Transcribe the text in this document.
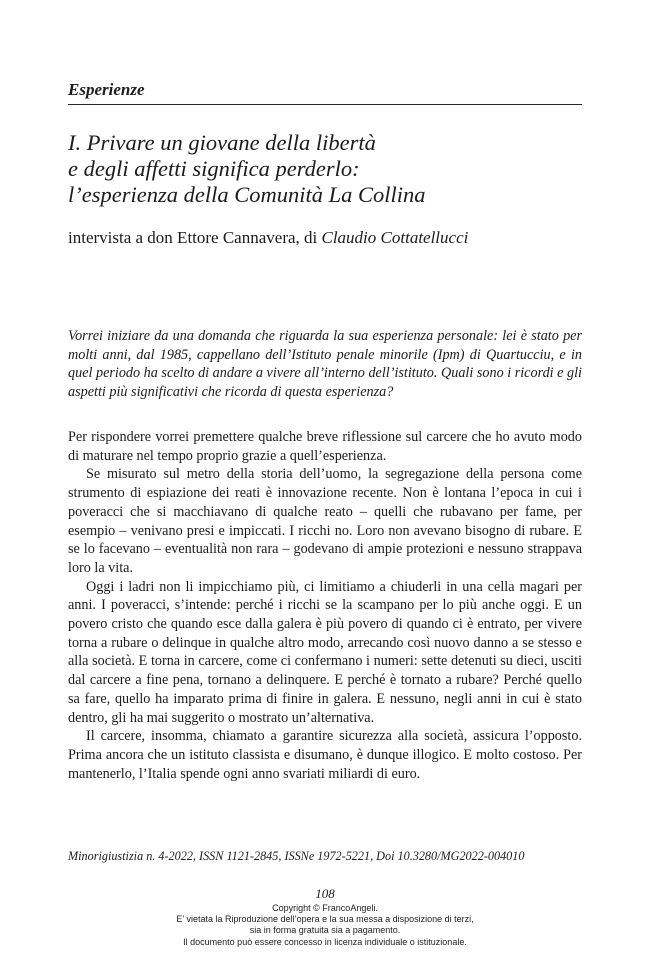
Esperienze
I. Privare un giovane della libertà
e degli affetti significa perderlo:
l’esperienza della Comunità La Collina
intervista a don Ettore Cannavera, di Claudio Cottatellucci
Vorrei iniziare da una domanda che riguarda la sua esperienza personale: lei è stato per molti anni, dal 1985, cappellano dell’Istituto penale minorile (Ipm) di Quartucciu, e in quel periodo ha scelto di andare a vivere all’interno dell’istituto. Quali sono i ricordi e gli aspetti più significativi che ricorda di questa esperienza?

Per rispondere vorrei premettere qualche breve riflessione sul carcere che ho avuto modo di maturare nel tempo proprio grazie a quell’esperienza.

Se misurato sul metro della storia dell’uomo, la segregazione della persona come strumento di espiazione dei reati è innovazione recente. Non è lontana l’epoca in cui i poveracci che si macchiavano di qualche reato – quelli che rubavano per fame, per esempio – venivano presi e impiccati. I ricchi no. Loro non avevano bisogno di rubare. E se lo facevano – eventualità non rara – godevano di ampie protezioni e nessuno strappava loro la vita.

Oggi i ladri non li impicchiamo più, ci limitiamo a chiuderli in una cella magari per anni. I poveracci, s’intende: perché i ricchi se la scampano per lo più anche oggi. E un povero cristo che quando esce dalla galera è più povero di quando ci è entrato, per vivere torna a rubare o delinque in qualche altro modo, arrecando così nuovo danno a se stesso e alla società. E torna in carcere, come ci confermano i numeri: sette detenuti su dieci, usciti dal carcere a fine pena, tornano a delinquere. E perché è tornato a rubare? Perché quello sa fare, quello ha imparato prima di finire in galera. E nessuno, negli anni in cui è stato dentro, gli ha mai suggerito o mostrato un’alternativa.

Il carcere, insomma, chiamato a garantire sicurezza alla società, assicura l’opposto. Prima ancora che un istituto classista e disumano, è dunque illogico. E molto costoso. Per mantenerlo, l’Italia spende ogni anno svariati miliardi di euro.

Minorigiustizia n. 4-2022, ISSN 1121-2845, ISSNe 1972-5221, Doi 10.3280/MG2022-004010
108
Copyright © FrancoAngeli.
E’ vietata la Riproduzione dell’opera e la sua messa a disposizione di terzi,
sia in forma gratuita sia a pagamento.
Il documento può essere concesso in licenza individuale o istituzionale.
